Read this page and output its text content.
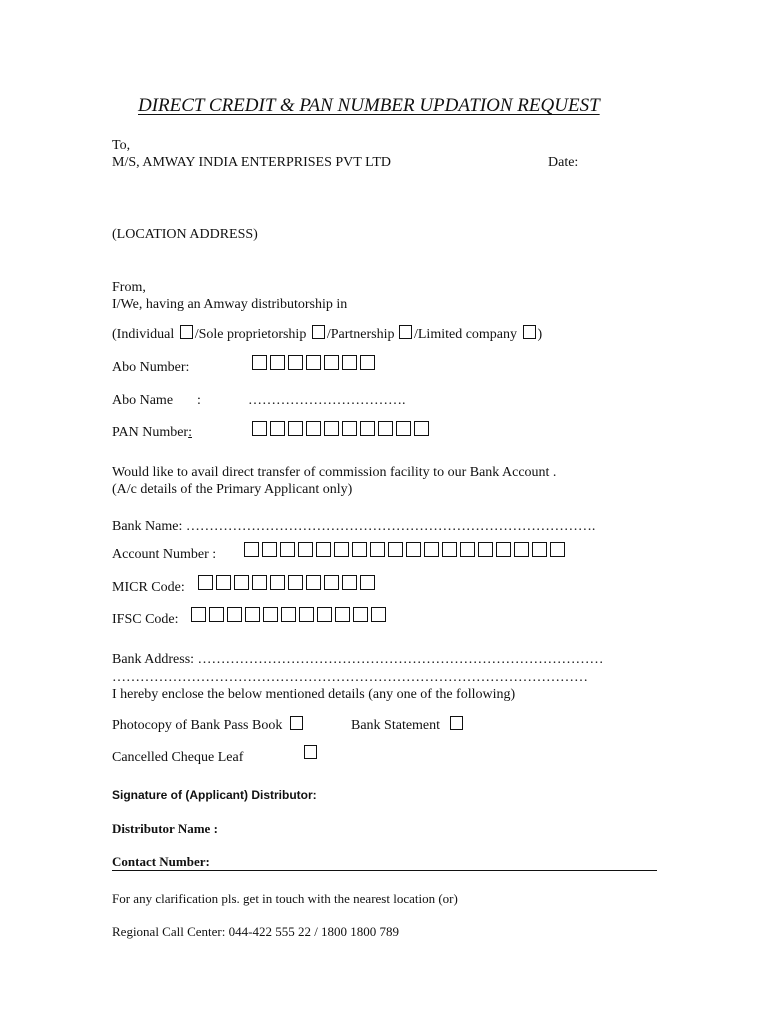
DIRECT CREDIT & PAN NUMBER UPDATION REQUEST
To,
M/S, AMWAY INDIA ENTERPRISES PVT LTD	Date:
(LOCATION ADDRESS)
From,
I/We, having an Amway distributorship in
(Individual /Sole proprietorship /Partnership /Limited company )
Abo Number:
Abo Name :	…………………………….
PAN Number:
Would like to avail direct transfer of commission facility to our Bank Account .
(A/c details of the Primary Applicant only)
Bank Name: …………………………………………………………………………….
Account Number :
MICR Code:
IFSC Code:
Bank Address: ……………………………………………………………………………
…………………………………………………………………………………………
I hereby enclose the below mentioned details (any one of the following)
Photocopy of Bank Pass Book	Bank Statement
Cancelled Cheque Leaf
Signature of (Applicant) Distributor:
Distributor Name :
Contact Number:
For any clarification pls. get in touch with the nearest location (or)
Regional Call Center: 044-422 555 22 / 1800 1800 789
